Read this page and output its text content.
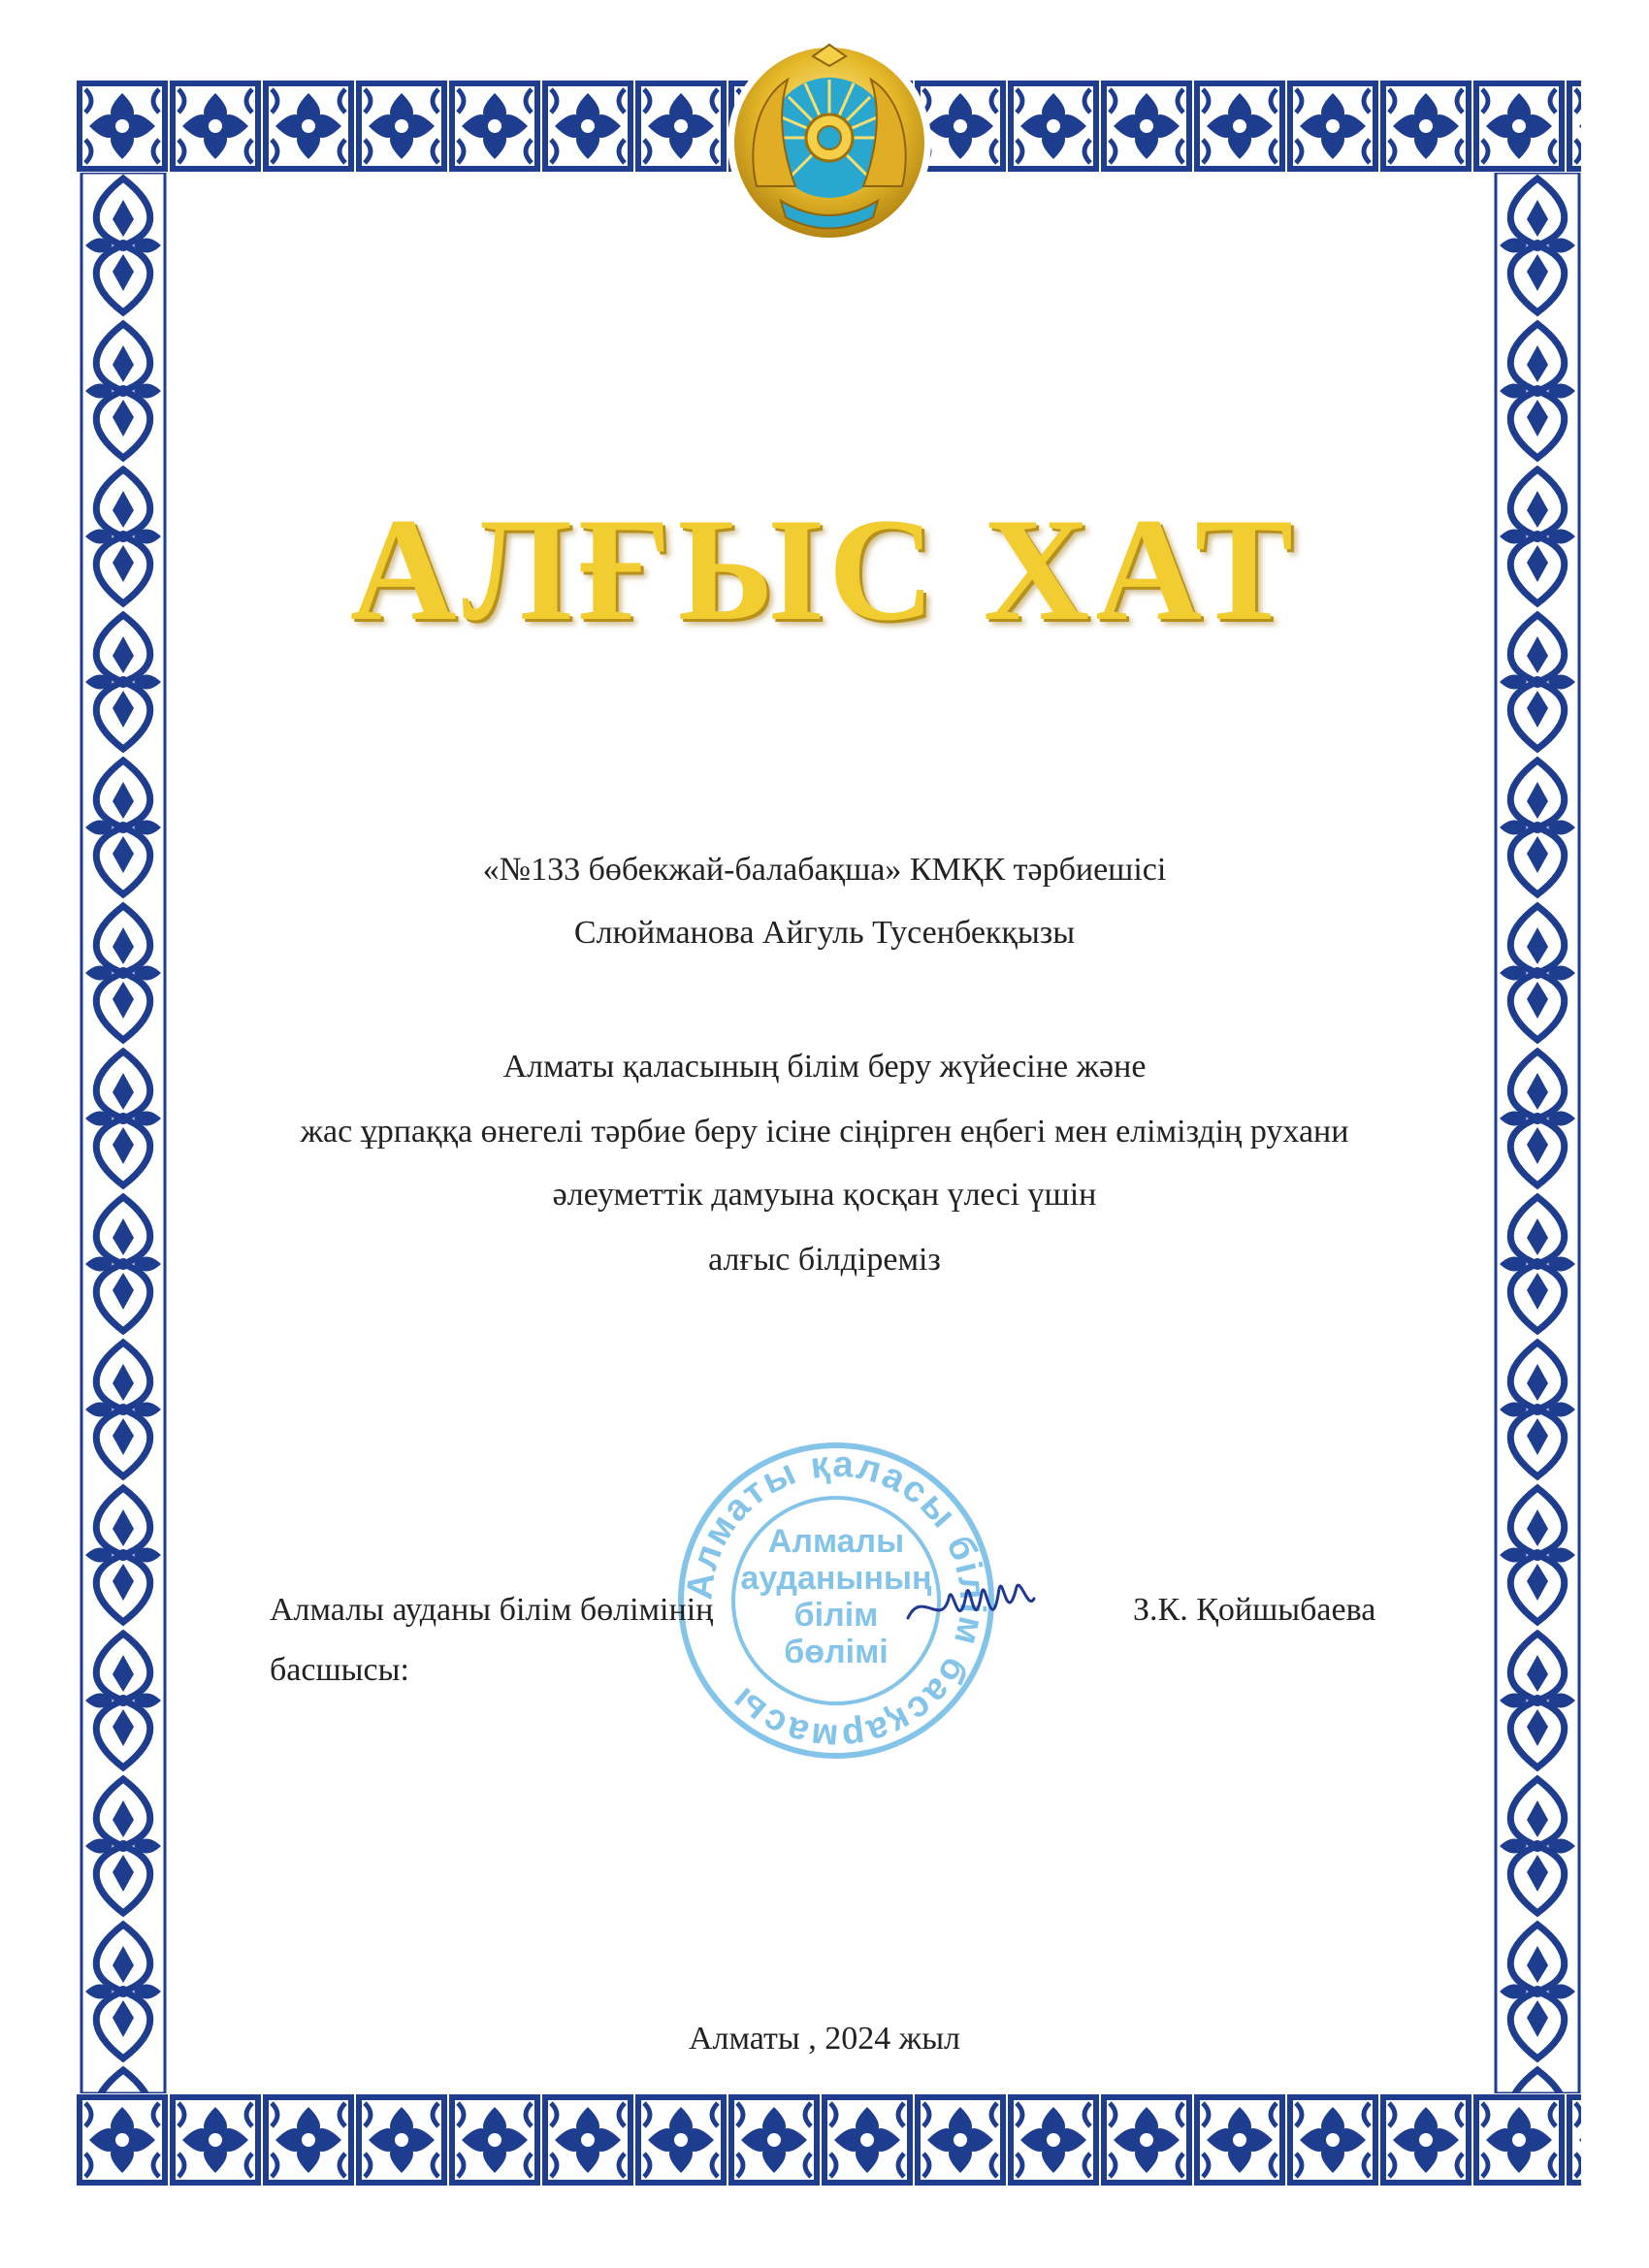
АЛҒЫС ХАТ
«№133 бөбекжай-балабақша» КМҚК тәрбиешісі
Слюйманова Айгуль Тусенбекқызы
Алматы қаласының білім беру жүйесіне және
жас ұрпаққа өнегелі тәрбие беру ісіне сіңірген еңбегі мен еліміздің рухани
әлеуметтік дамуына қосқан үлесі үшін
алғыс білдіреміз
Алматы қаласы білім басқармасы
Алмалы
ауданының
білім
бөлімі
Алмалы ауданы білім бөлімінің
басшысы:
З.К. Қойшыбаева
Алматы , 2024 жыл
